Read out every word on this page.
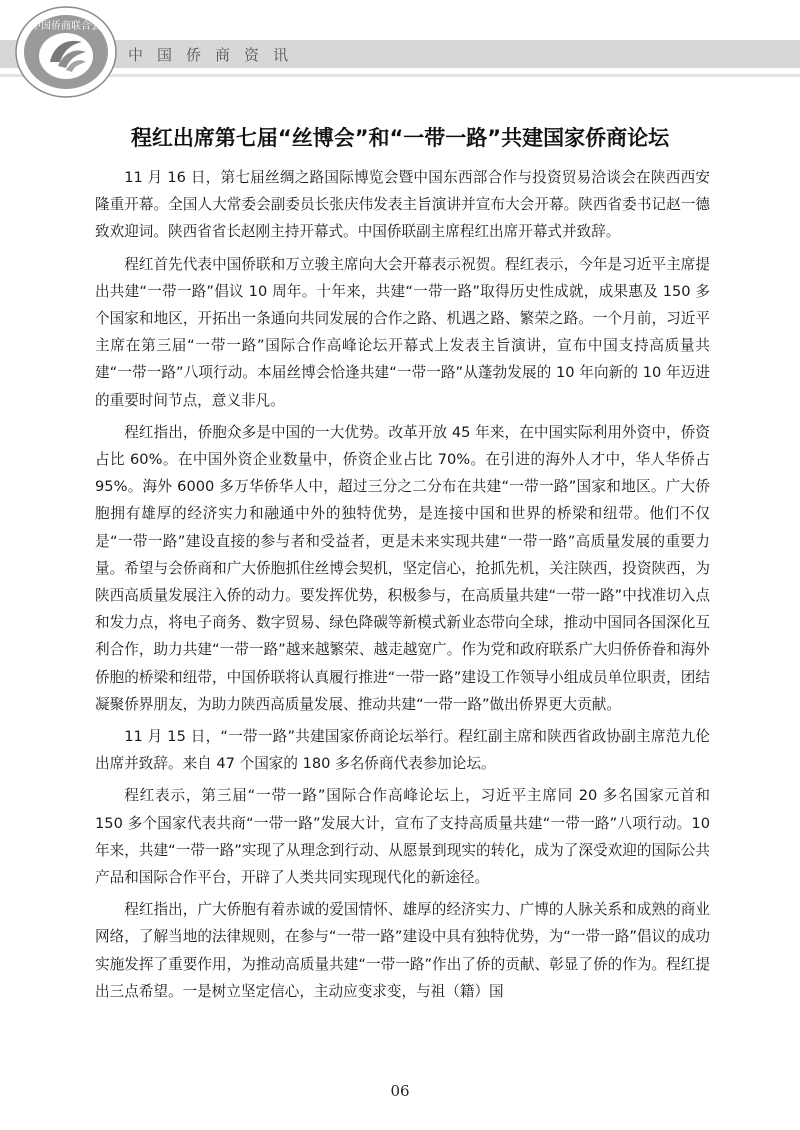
中国侨商资讯
中国侨商联合会
程红出席第七届“丝博会”和“一带一路”共建国家侨商论坛

11 月 16 日，第七届丝绸之路国际博览会暨中国东西部合作与投资贸易洽谈会在陕西西安隆重开幕。全国人大常委会副委员长张庆伟发表主旨演讲并宣布大会开幕。陕西省委书记赵一德致欢迎词。陕西省省长赵刚主持开幕式。中国侨联副主席程红出席开幕式并致辞。

程红首先代表中国侨联和万立骏主席向大会开幕表示祝贺。程红表示，今年是习近平主席提出共建“一带一路”倡议 10 周年。十年来，共建“一带一路”取得历史性成就，成果惠及 150 多个国家和地区，开拓出一条通向共同发展的合作之路、机遇之路、繁荣之路。一个月前，习近平主席在第三届“一带一路”国际合作高峰论坛开幕式上发表主旨演讲，宣布中国支持高质量共建“一带一路”八项行动。本届丝博会恰逢共建“一带一路”从蓬勃发展的 10 年向新的 10 年迈进的重要时间节点，意义非凡。

程红指出，侨胞众多是中国的一大优势。改革开放 45 年来，在中国实际利用外资中，侨资占比 60%。在中国外资企业数量中，侨资企业占比 70%。在引进的海外人才中，华人华侨占 95%。海外 6000 多万华侨华人中，超过三分之二分布在共建“一带一路”国家和地区。广大侨胞拥有雄厚的经济实力和融通中外的独特优势，是连接中国和世界的桥梁和纽带。他们不仅是“一带一路”建设直接的参与者和受益者，更是未来实现共建“一带一路”高质量发展的重要力量。希望与会侨商和广大侨胞抓住丝博会契机，坚定信心，抢抓先机，关注陕西，投资陕西，为陕西高质量发展注入侨的动力。要发挥优势，积极参与，在高质量共建“一带一路”中找准切入点和发力点，将电子商务、数字贸易、绿色降碳等新模式新业态带向全球，推动中国同各国深化互利合作，助力共建“一带一路”越来越繁荣、越走越宽广。作为党和政府联系广大归侨侨眷和海外侨胞的桥梁和纽带，中国侨联将认真履行推进“一带一路”建设工作领导小组成员单位职责，团结凝聚侨界朋友，为助力陕西高质量发展、推动共建“一带一路”做出侨界更大贡献。

11 月 15 日，“一带一路”共建国家侨商论坛举行。程红副主席和陕西省政协副主席范九伦出席并致辞。来自 47 个国家的 180 多名侨商代表参加论坛。

程红表示，第三届“一带一路”国际合作高峰论坛上，习近平主席同 20 多名国家元首和 150 多个国家代表共商“一带一路”发展大计，宣布了支持高质量共建“一带一路”八项行动。10 年来，共建“一带一路”实现了从理念到行动、从愿景到现实的转化，成为了深受欢迎的国际公共产品和国际合作平台，开辟了人类共同实现现代化的新途径。

程红指出，广大侨胞有着赤诚的爱国情怀、雄厚的经济实力、广博的人脉关系和成熟的商业网络，了解当地的法律规则，在参与“一带一路”建设中具有独特优势，为“一带一路”倡议的成功实施发挥了重要作用，为推动高质量共建“一带一路”作出了侨的贡献、彰显了侨的作为。程红提出三点希望。一是树立坚定信心，主动应变求变，与祖（籍）国

06
